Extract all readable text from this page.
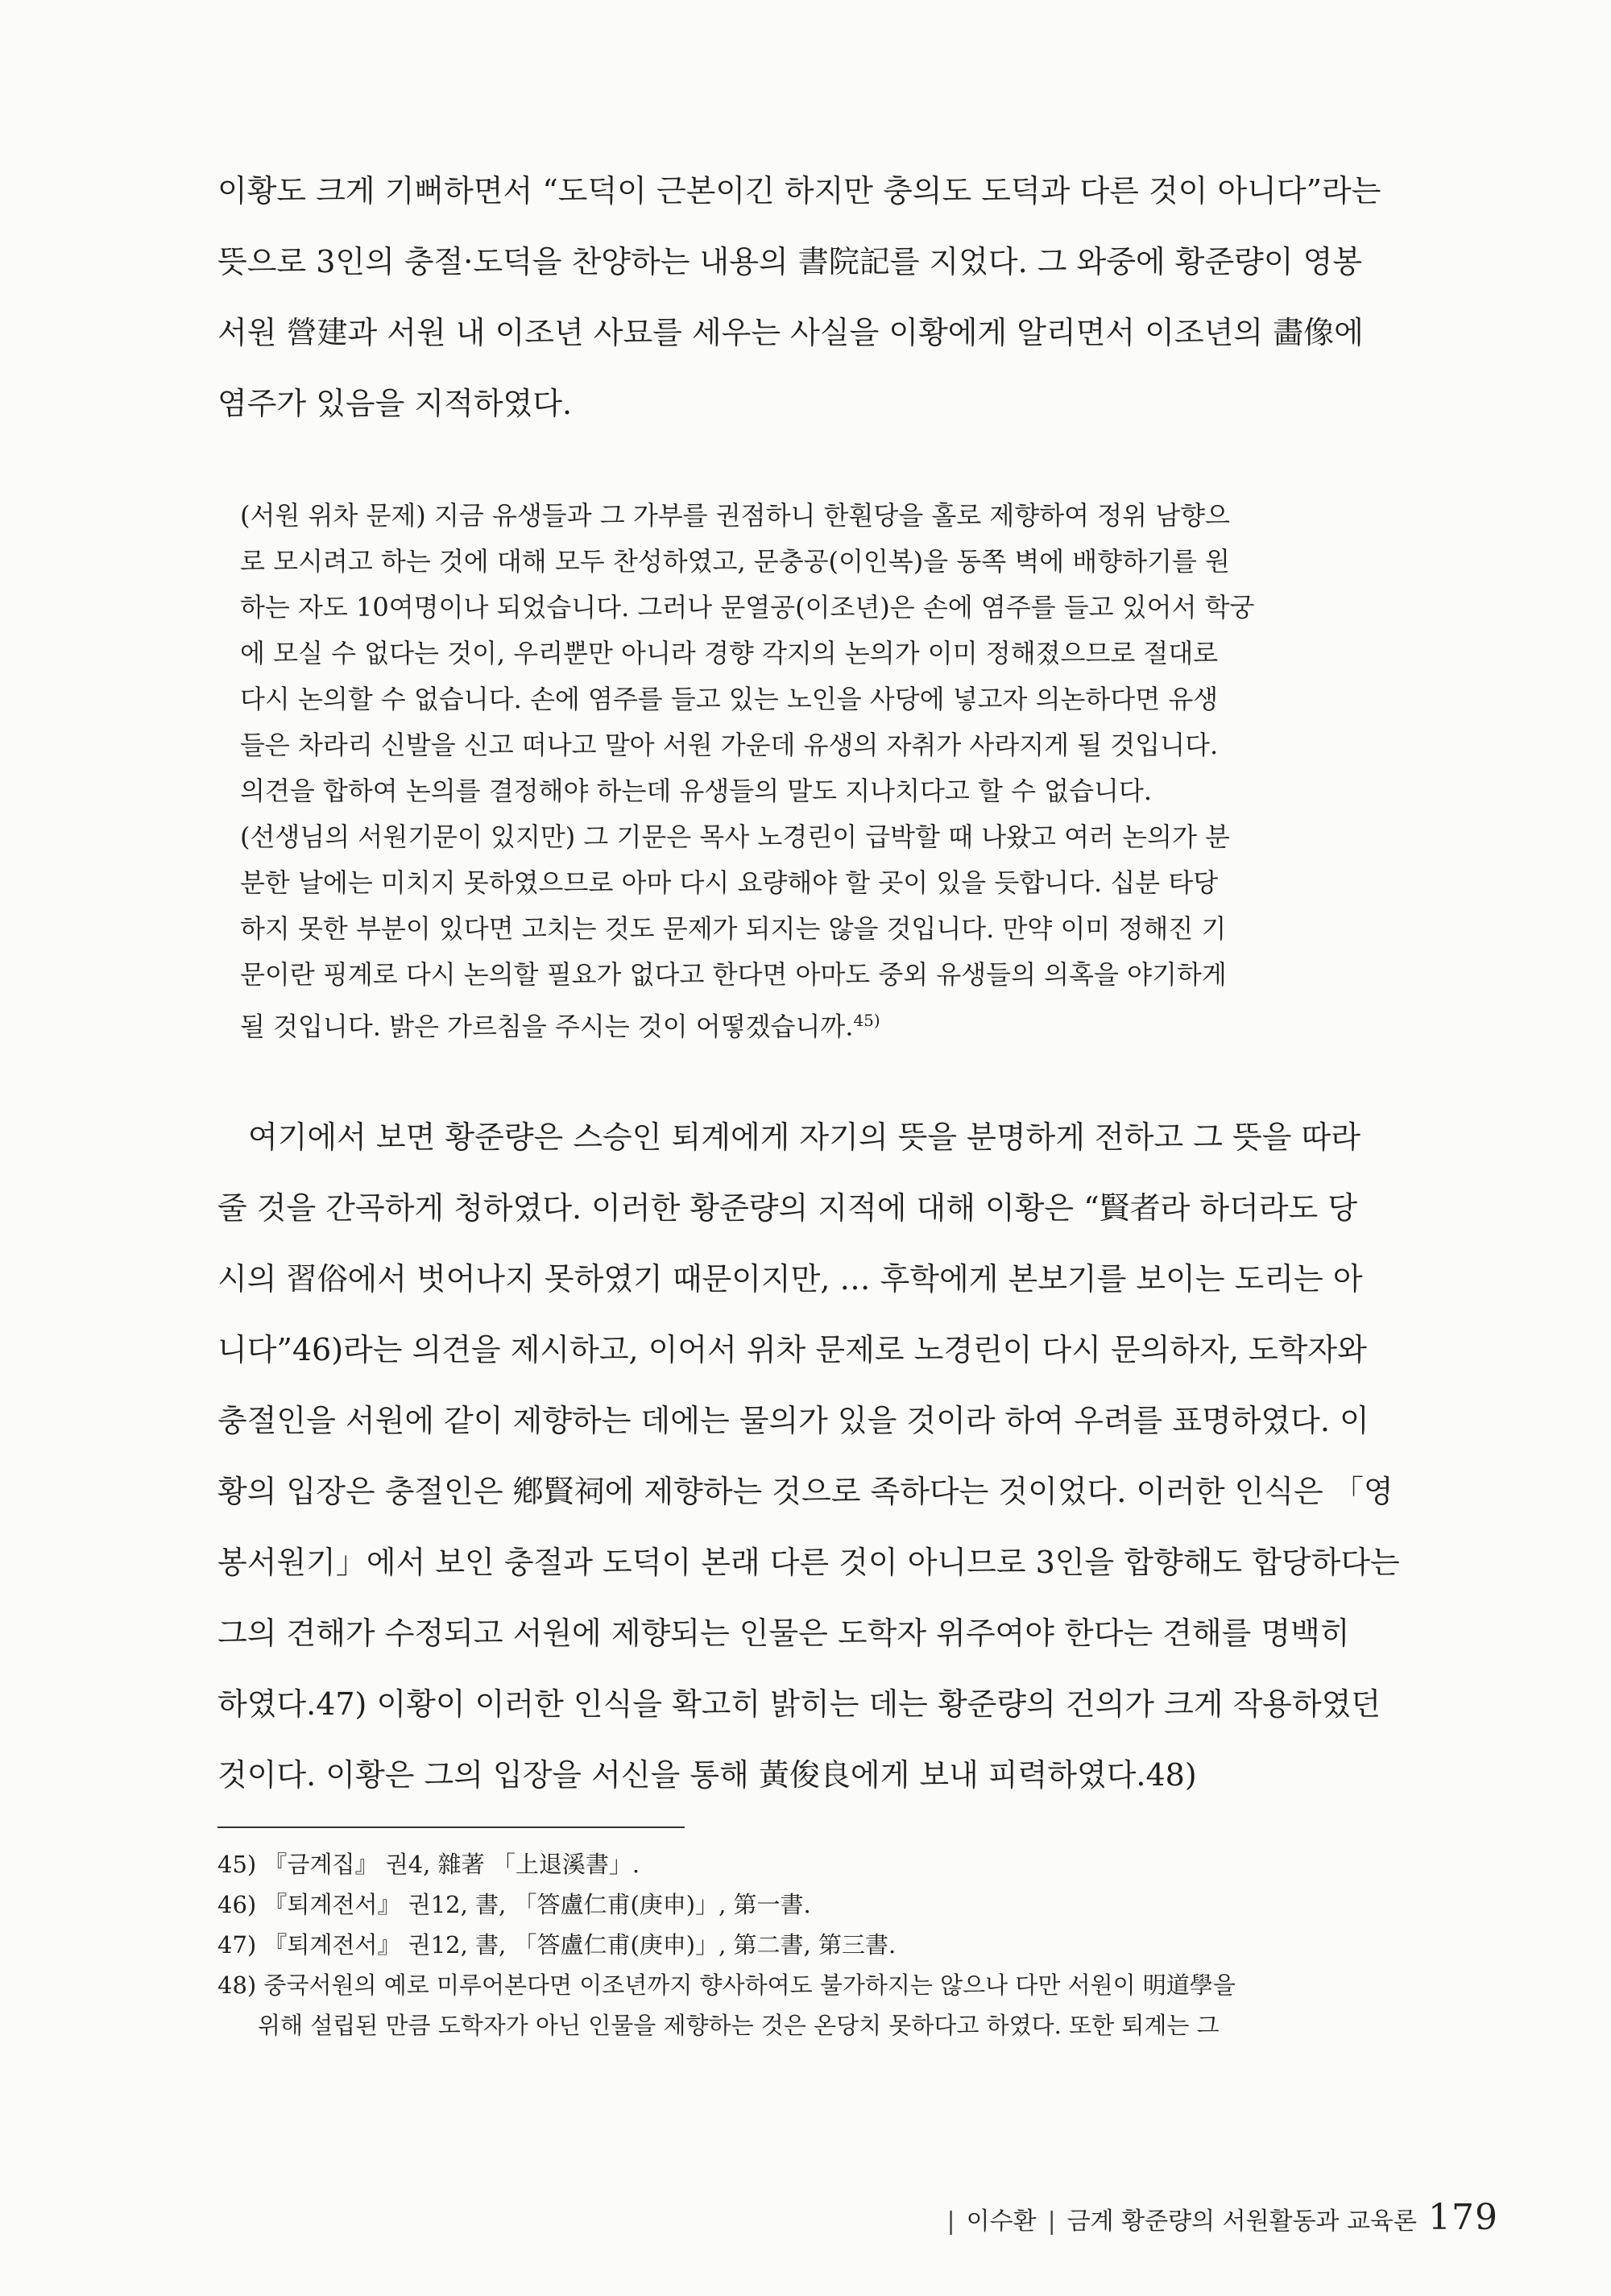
이황도 크게 기뻐하면서 “도덕이 근본이긴 하지만 충의도 도덕과 다른 것이 아니다”라는
뜻으로 3인의 충절·도덕을 찬양하는 내용의 書院記를 지었다. 그 와중에 황준량이 영봉
서원 營建과 서원 내 이조년 사묘를 세우는 사실을 이황에게 알리면서 이조년의 畵像에
염주가 있음을 지적하였다.

(서원 위차 문제) 지금 유생들과 그 가부를 권점하니 한훤당을 홀로 제향하여 정위 남향으
로 모시려고 하는 것에 대해 모두 찬성하였고, 문충공(이인복)을 동쪽 벽에 배향하기를 원
하는 자도 10여명이나 되었습니다. 그러나 문열공(이조년)은 손에 염주를 들고 있어서 학궁
에 모실 수 없다는 것이, 우리뿐만 아니라 경향 각지의 논의가 이미 정해졌으므로 절대로
다시 논의할 수 없습니다. 손에 염주를 들고 있는 노인을 사당에 넣고자 의논하다면 유생
들은 차라리 신발을 신고 떠나고 말아 서원 가운데 유생의 자취가 사라지게 될 것입니다.
의견을 합하여 논의를 결정해야 하는데 유생들의 말도 지나치다고 할 수 없습니다.
(선생님의 서원기문이 있지만) 그 기문은 목사 노경린이 급박할 때 나왔고 여러 논의가 분
분한 날에는 미치지 못하였으므로 아마 다시 요량해야 할 곳이 있을 듯합니다. 십분 타당
하지 못한 부분이 있다면 고치는 것도 문제가 되지는 않을 것입니다. 만약 이미 정해진 기
문이란 핑계로 다시 논의할 필요가 없다고 한다면 아마도 중외 유생들의 의혹을 야기하게
될 것입니다. 밝은 가르침을 주시는 것이 어떻겠습니까.$^{45)}$

여기에서 보면 황준량은 스승인 퇴계에게 자기의 뜻을 분명하게 전하고 그 뜻을 따라
줄 것을 간곡하게 청하였다. 이러한 황준량의 지적에 대해 이황은 “賢者라 하더라도 당
시의 習俗에서 벗어나지 못하였기 때문이지만, … 후학에게 본보기를 보이는 도리는 아
니다”46)라는 의견을 제시하고, 이어서 위차 문제로 노경린이 다시 문의하자, 도학자와
충절인을 서원에 같이 제향하는 데에는 물의가 있을 것이라 하여 우려를 표명하였다. 이
황의 입장은 충절인은 鄕賢祠에 제향하는 것으로 족하다는 것이었다. 이러한 인식은 「영
봉서원기」에서 보인 충절과 도덕이 본래 다른 것이 아니므로 3인을 합향해도 합당하다는
그의 견해가 수정되고 서원에 제향되는 인물은 도학자 위주여야 한다는 견해를 명백히
하였다.47) 이황이 이러한 인식을 확고히 밝히는 데는 황준량의 건의가 크게 작용하였던
것이다. 이황은 그의 입장을 서신을 통해 黃俊良에게 보내 피력하였다.48)

45) 『금계집』 권4, 雜著 「上退溪書」.
46) 『퇴계전서』 권12, 書, 「答盧仁甫(庚申)」, 第一書.
47) 『퇴계전서』 권12, 書, 「答盧仁甫(庚申)」, 第二書, 第三書.
48) 중국서원의 예로 미루어본다면 이조년까지 향사하여도 불가하지는 않으나 다만 서원이 明道學을
위해 설립된 만큼 도학자가 아닌 인물을 제향하는 것은 온당치 못하다고 하였다. 또한 퇴계는 그
| 이수환 | 금계 황준량의 서원활동과 교육론 179
